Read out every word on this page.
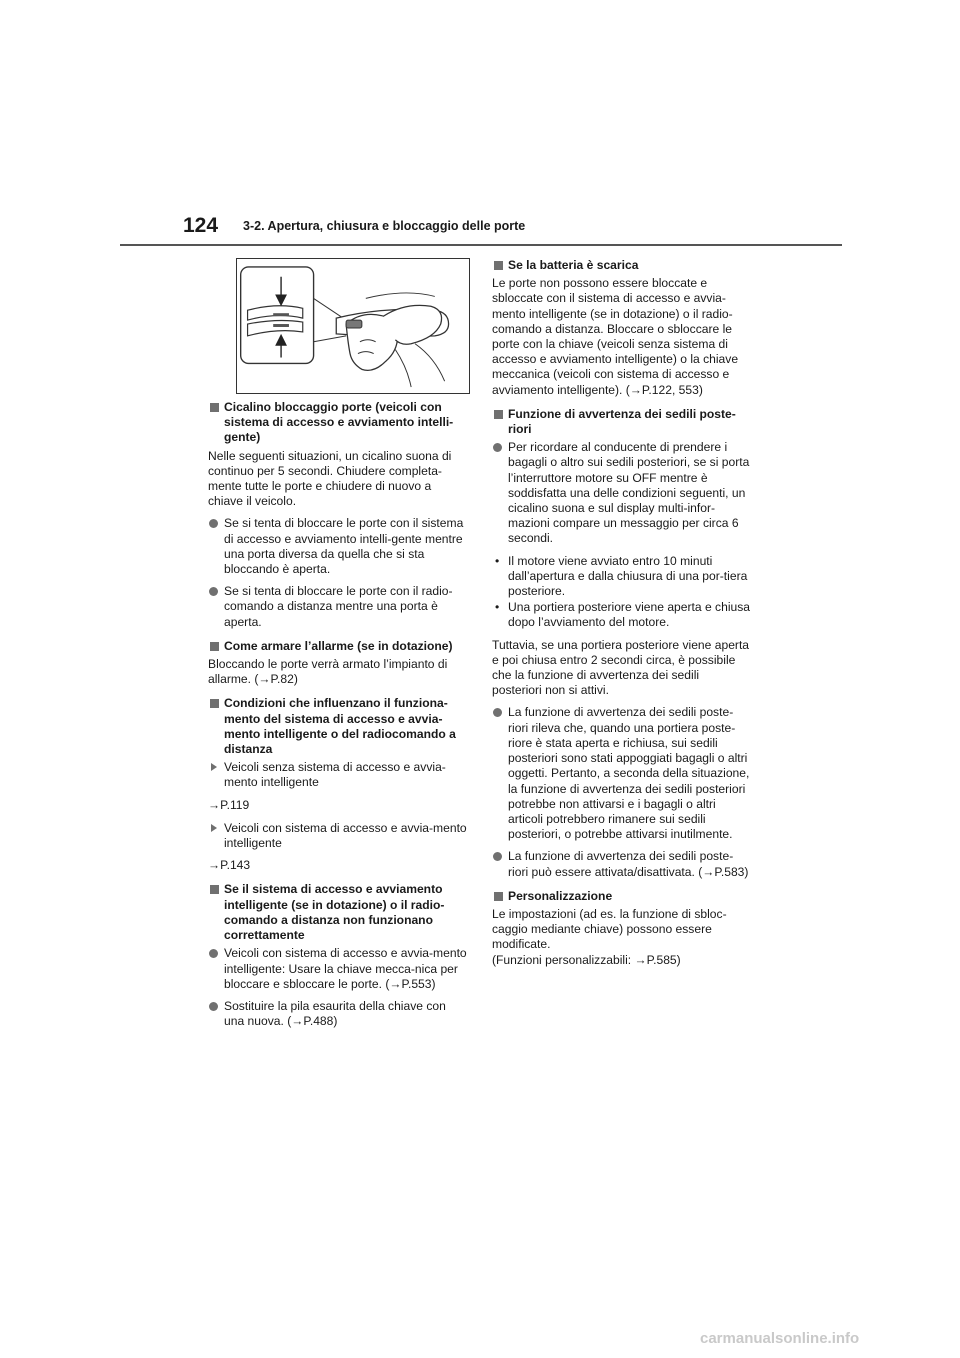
124 3-2. Apertura, chiusura e bloccaggio delle porte
Cicalino bloccaggio porte (veicoli con sistema di accesso e avviamento intelli-gente)
Nelle seguenti situazioni, un cicalino suona di continuo per 5 secondi. Chiudere completa-mente tutte le porte e chiudere di nuovo a chiave il veicolo.
Se si tenta di bloccare le porte con il sistema di accesso e avviamento intelli-gente mentre una porta diversa da quella che si sta bloccando è aperta.
Se si tenta di bloccare le porte con il radio-comando a distanza mentre una porta è aperta.
Come armare l’allarme (se in dotazione)
Bloccando le porte verrà armato l’impianto di allarme. (→P.82)
Condizioni che influenzano il funziona-mento del sistema di accesso e avvia-mento intelligente o del radiocomando a distanza
Veicoli senza sistema di accesso e avvia-mento intelligente
→P.119
Veicoli con sistema di accesso e avvia-mento intelligente
→P.143
Se il sistema di accesso e avviamento intelligente (se in dotazione) o il radio-comando a distanza non funzionano correttamente
Veicoli con sistema di accesso e avvia-mento intelligente: Usare la chiave mecca-nica per bloccare e sbloccare le porte. (→P.553)
Sostituire la pila esaurita della chiave con una nuova. (→P.488)
Se la batteria è scarica
Le porte non possono essere bloccate e sbloccate con il sistema di accesso e avvia-mento intelligente (se in dotazione) o il radio-comando a distanza. Bloccare o sbloccare le porte con la chiave (veicoli senza sistema di accesso e avviamento intelligente) o la chiave meccanica (veicoli con sistema di accesso e avviamento intelligente). (→P.122, 553)
Funzione di avvertenza dei sedili poste-riori
Per ricordare al conducente di prendere i bagagli o altro sui sedili posteriori, se si porta l’interruttore motore su OFF mentre è soddisfatta una delle condizioni seguenti, un cicalino suona e sul display multi-infor-mazioni compare un messaggio per circa 6 secondi.
• Il motore viene avviato entro 10 minuti dall’apertura e dalla chiusura di una por-tiera posteriore.
• Una portiera posteriore viene aperta e chiusa dopo l’avviamento del motore.
Tuttavia, se una portiera posteriore viene aperta e poi chiusa entro 2 secondi circa, è possibile che la funzione di avvertenza dei sedili posteriori non si attivi.
La funzione di avvertenza dei sedili poste-riori rileva che, quando una portiera poste-riore è stata aperta e richiusa, sui sedili posteriori sono stati appoggiati bagagli o altri oggetti. Pertanto, a seconda della situazione, la funzione di avvertenza dei sedili posteriori potrebbe non attivarsi e i bagagli o altri articoli potrebbero rimanere sui sedili posteriori, o potrebbe attivarsi inutilmente.
La funzione di avvertenza dei sedili poste-riori può essere attivata/disattivata. (→P.583)
Personalizzazione
Le impostazioni (ad es. la funzione di sbloc-caggio mediante chiave) possono essere modificate.
(Funzioni personalizzabili: →P.585)
carmanualsonline.info
